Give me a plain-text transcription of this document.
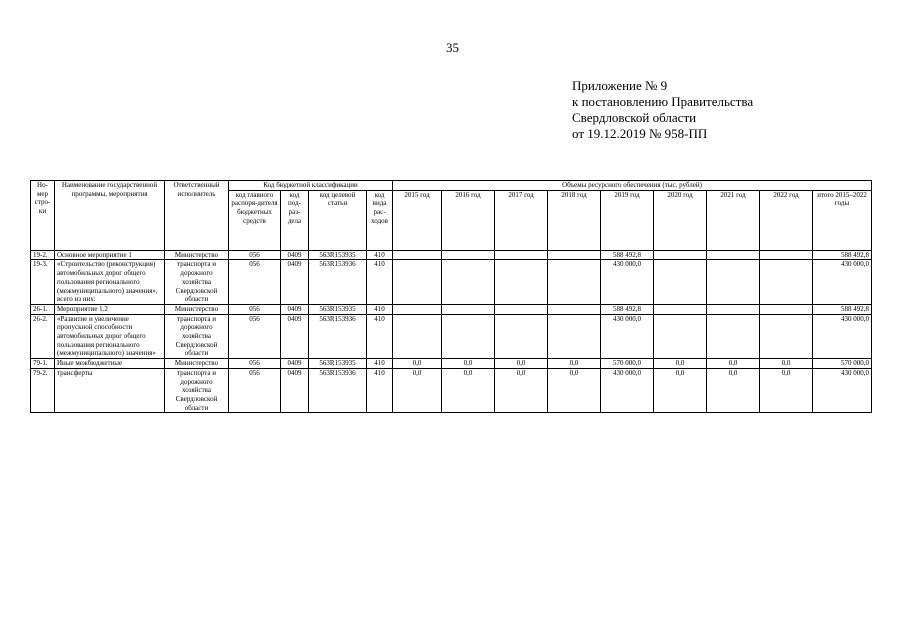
35
Приложение № 9
к постановлению Правительства
Свердловской области
от 19.12.2019 № 958-ПП
Но-мер стро-ки	Наименование государственной программы, мероприятия	Ответственный исполнитель	Код бюджетной классификации				Объемы ресурсного обеспечения (тыс. рублей)								
			код главного распоря-дителя бюджетных средств	код под-раз-дела	код целевой статьи	код вида рас-ходов	2015 год	2016 год	2017 год	2018 год	2019 год	2020 год	2021 год	2022 год	итого 2015–2022 годы
19-2.	Основное мероприятие 1	Министерство	056	0409	563R153935	410					588 492,8				588 492,8
19-3.	«Строительство (реконструкция) автомобильных дорог общего пользования регионального (межмуниципального) значения», всего из них:	транспорта и дорожного хозяйства Свердловской области	056	0409	563R153936	410					430 000,0				430 000,0
26-1.	Мероприятие 1.2	Министерство	056	0409	563R153935	410					588 492,8				588 492,8
26-2.	«Развитие и увеличение пропускной способности автомобильных дорог общего пользования регионального (межмуниципального) значения»	транспорта и дорожного хозяйства Свердловской области	056	0409	563R153936	410					430 000,0				430 000,0
79-1.	Иные межбюджетные	Министерство	056	0409	563R153935	410	0,0	0,0	0,0	0,0	570 000,0	0,0	0,0	0,0	570 000,0
79-2.	трансферты	транспорта и дорожного хозяйства Свердловской области	056	0409	563R153936	410	0,0	0,0	0,0	0,0	430 000,0	0,0	0,0	0,0	430 000,0
